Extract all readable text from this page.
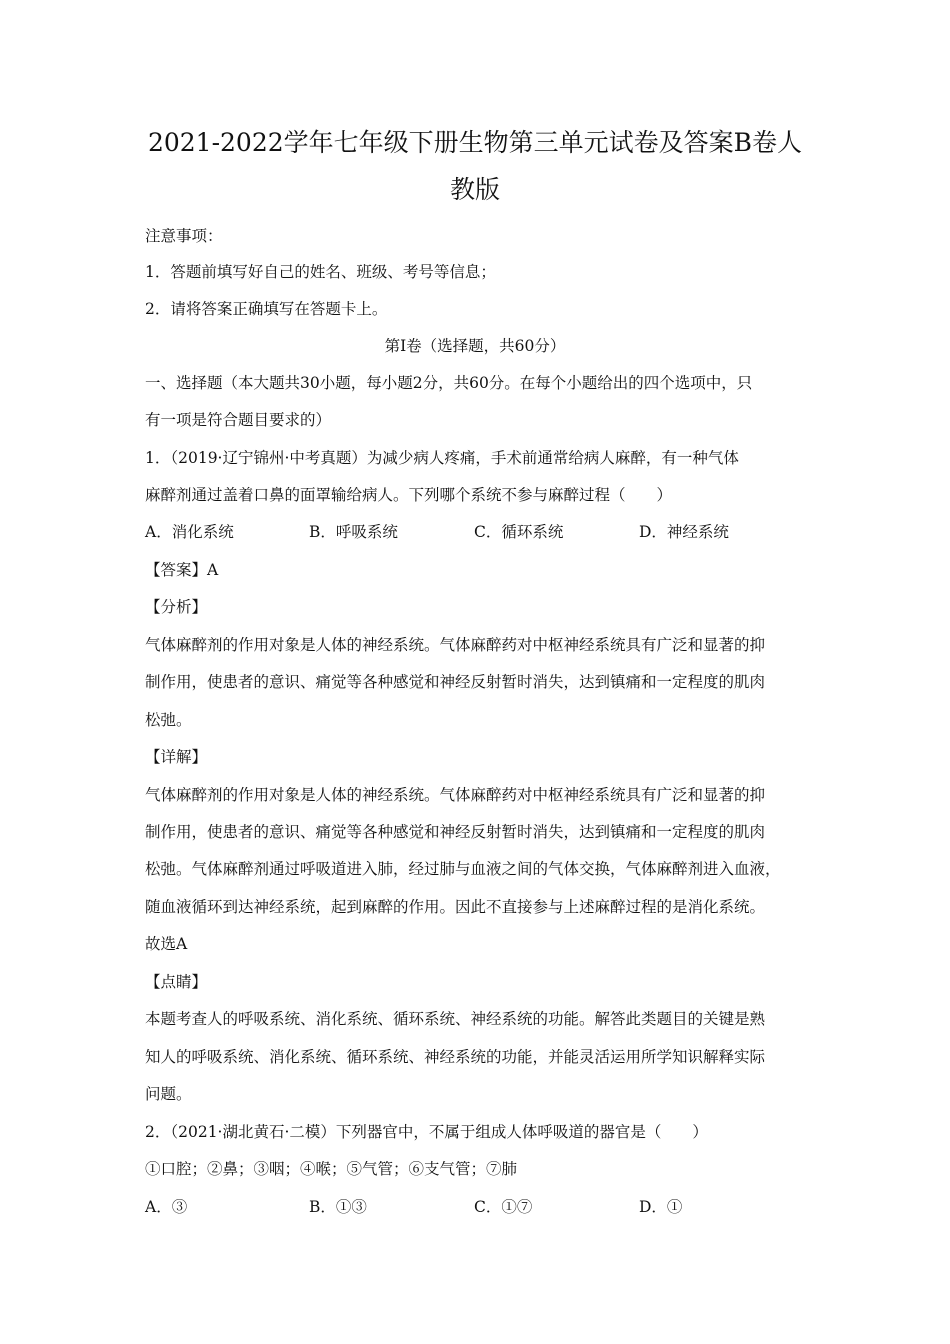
2021-2022学年七年级下册生物第三单元试卷及答案B卷人
教版

注意事项：

1．答题前填写好自己的姓名、班级、考号等信息；

2．请将答案正确填写在答题卡上。

第I卷（选择题，共60分）

一、选择题（本大题共30小题，每小题2分，共60分。在每个小题给出的四个选项中，只

有一项是符合题目要求的）

1．（2019·辽宁锦州·中考真题）为减少病人疼痛，手术前通常给病人麻醉，有一种气体

麻醉剂通过盖着口鼻的面罩输给病人。下列哪个系统不参与麻醉过程（　　）

A．消化系统	B．呼吸系统	C．循环系统	D．神经系统

【答案】A

【分析】

气体麻醉剂的作用对象是人体的神经系统。气体麻醉药对中枢神经系统具有广泛和显著的抑

制作用，使患者的意识、痛觉等各种感觉和神经反射暂时消失，达到镇痛和一定程度的肌肉

松弛。

【详解】

气体麻醉剂的作用对象是人体的神经系统。气体麻醉药对中枢神经系统具有广泛和显著的抑

制作用，使患者的意识、痛觉等各种感觉和神经反射暂时消失，达到镇痛和一定程度的肌肉

松弛。气体麻醉剂通过呼吸道进入肺，经过肺与血液之间的气体交换，气体麻醉剂进入血液，

随血液循环到达神经系统，起到麻醉的作用。因此不直接参与上述麻醉过程的是消化系统。

故选A

【点睛】

本题考查人的呼吸系统、消化系统、循环系统、神经系统的功能。解答此类题目的关键是熟

知人的呼吸系统、消化系统、循环系统、神经系统的功能，并能灵活运用所学知识解释实际

问题。

2．（2021·湖北黄石·二模）下列器官中，不属于组成人体呼吸道的器官是（　　）

①口腔；②鼻；③咽；④喉；⑤气管；⑥支气管；⑦肺

A．③	B．①③	C．①⑦	D．①
